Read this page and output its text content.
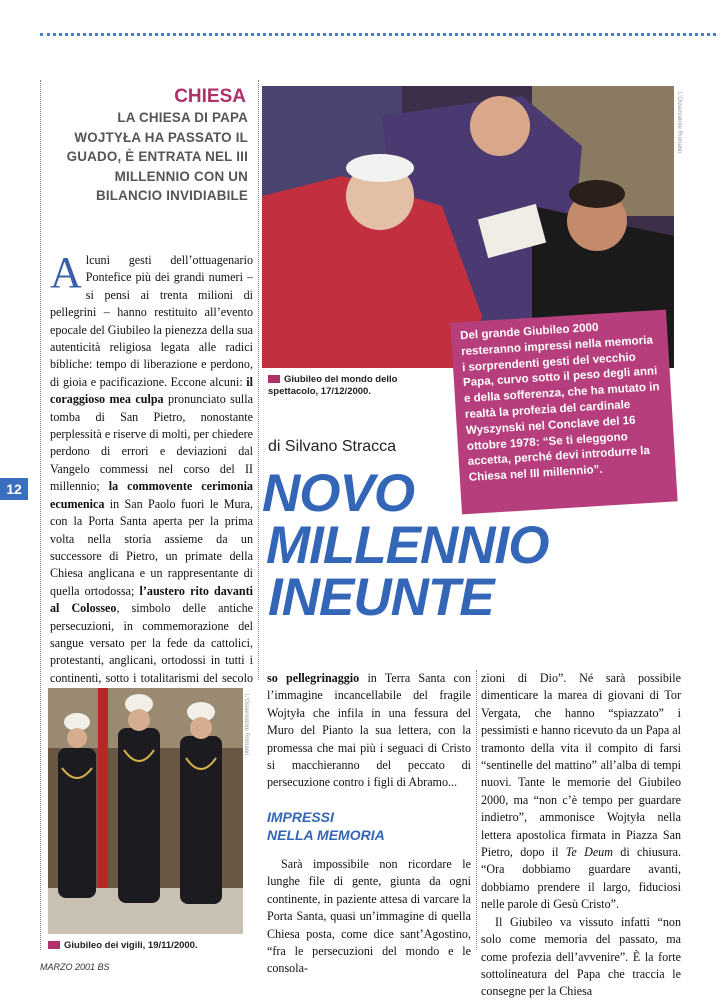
CHIESA
LA CHIESA DI PAPA WOJTYŁA HA PASSATO IL GUADO, È ENTRATA NEL III MILLENNIO CON UN BILANCIO INVIDIABILE
12
Alcuni gesti dell’ottuagenario Pontefice più dei grandi numeri – si pensi ai trenta milioni di pellegrini – hanno restituito all’evento epocale del Giubileo la pienezza della sua autenticità religiosa legata alle radici bibliche: tempo di liberazione e perdono, di gioia e pacificazione. Eccone alcuni: il coraggioso mea culpa pronunciato sulla tomba di San Pietro, nonostante perplessità e riserve di molti, per chiedere perdono di errori e deviazioni dal Vangelo commessi nel corso del II millennio; la commovente cerimonia ecumenica in San Paolo fuori le Mura, con la Porta Santa aperta per la prima volta nella storia assieme da un successore di Pietro, un primate della Chiesa anglicana e un rappresentante di quella ortodossa; l’austero rito davanti al Colosseo, simbolo delle antiche persecuzioni, in commemorazione del sangue versato per la fede da cattolici, protestanti, anglicani, ortodossi in tutti i continenti, sotto i totalitarismi del secolo
L’Osservatore Romano
Giubileo del mondo dello spettacolo, 17/12/2000.
Del grande Giubileo 2000 resteranno impressi nella memoria i sorprendenti gesti del vecchio Papa, curvo sotto il peso degli anni e della sofferenza, che ha mutato in realtà la profezia del cardinale Wyszynski nel Conclave del 16 ottobre 1978: “Se ti eleggono accetta, perché devi introdurre la Chiesa nel III millennio”.
di Silvano Stracca
NOVO
MILLENNIO
INEUNTE
L’Osservatore Romano
Giubileo dei vigili, 19/11/2000.
so pellegrinaggio in Terra Santa con l’immagine incancellabile del fragile Wojtyła che infila in una fessura del Muro del Pianto la sua lettera, con la promessa che mai più i seguaci di Cristo si macchieranno del peccato di persecuzione contro i figli di Abramo...
IMPRESSI
NELLA MEMORIA
Sarà impossibile non ricordare le lunghe file di gente, giunta da ogni continente, in paziente attesa di varcare la Porta Santa, quasi un’immagine di quella Chiesa posta, come dice sant’Agostino, “fra le persecuzioni del mondo e le consola-
zioni di Dio”. Né sarà possibile dimenticare la marea di giovani di Tor Vergata, che hanno “spiazzato” i pessimisti e hanno ricevuto da un Papa al tramonto della vita il compito di farsi “sentinelle del mattino” all’alba di tempi nuovi. Tante le memorie del Giubileo 2000, ma “non c’è tempo per guardare indietro”, ammonisce Wojtyła nella lettera apostolica firmata in Piazza San Pietro, dopo il Te Deum di chiusura. “Ora dobbiamo guardare avanti, dobbiamo prendere il largo, fiduciosi nelle parole di Gesù Cristo”.
Il Giubileo va vissuto infatti “non solo come memoria del passato, ma come profezia dell’avvenire”. È la forte sottolineatura del Papa che traccia le consegne per la Chiesa
MARZO 2001 BS
